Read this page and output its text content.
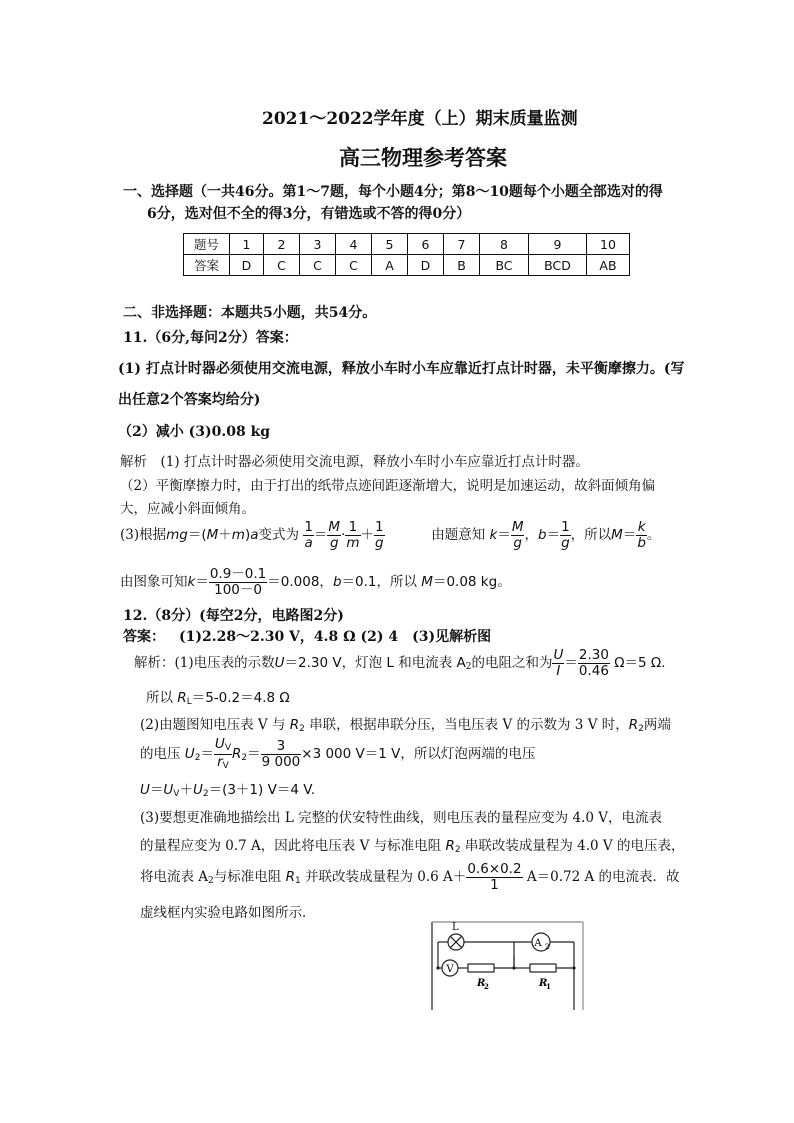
2021～2022学年度（上）期末质量监测
高三物理参考答案
一、选择题（一共46分。第1～7题，每个小题4分；第8～10题每个小题全部选对的得
6分，选对但不全的得3分，有错选或不答的得0分）
题号	1	2	3	4	5	6	7	8	9	10
答案	D	C	C	C	A	D	B	BC	BCD	AB
二、非选择题：本题共5小题，共54分。
11.（6分,每问2分）答案：
(1) 打点计时器必须使用交流电源，释放小车时小车应靠近打点计时器，未平衡摩擦力。(写
出任意2个答案均给分)
（2）减小 (3)0.08 kg
解析　(1) 打点计时器必须使用交流电源，释放小车时小车应靠近打点计时器。
（2）平衡摩擦力时，由于打出的纸带点迹间距逐渐增大，说明是加速运动，故斜面倾角偏
大，应减小斜面倾角。
(3)根据mg＝(M＋m)a变式为 $\frac{1}{a} = \frac{M}{g} \cdot \frac{1}{m} + \frac{1}{g}$	由题意知 $k= \frac{M}{g}$ ，$b= \frac{1}{g}$ ，所以$M= \frac{k}{b}$ 。
由图象可知$k= \frac{0.9-0.1}{100-0} =0.008$，b＝0.1，所以 M＝0.08 kg。
12.（8分）(每空2分，电路图2分)
答案： (1)2.28～2.30 V，4.8 Ω (2) 4　(3)见解析图
解析：(1)电压表的示数U＝2.30 V，灯泡 L 和电流表 $A_2$的电阻之和为 $\frac{U}{I} = \frac{2.30}{0.46} \Omega=5$ Ω.
所以 $R_L=5-0.2=4.8$ Ω
(2)由题图知电压表 V 与 $R_2$ 串联，根据串联分压，当电压表 V 的示数为 3 V 时，$R_2$两端
的电压 $U_2= \frac{U_V}{r_V} R_2= \frac{3}{9 000} \times 3$ 000 V＝1 V，所以灯泡两端的电压
$U=U_V+U_2=(3+1)$ V＝4 V.
(3)要想更准确地描绘出 L 完整的伏安特性曲线，则电压表的量程应变为 4.0 V，电流表
的量程应变为 0.7 A，因此将电压表 V 与标准电阻 $R_2$ 串联改装成量程为 4.0 V 的电压表，
将电流表 $A_2$与标准电阻 $R_1$ 并联改装成量程为 0.6 $A+ \frac{0.6\times 0.2}{1} A=0.72$ A 的电流表．故
虚线框内实验电路如图所示．
L
V
A 2
R
2	R
1
